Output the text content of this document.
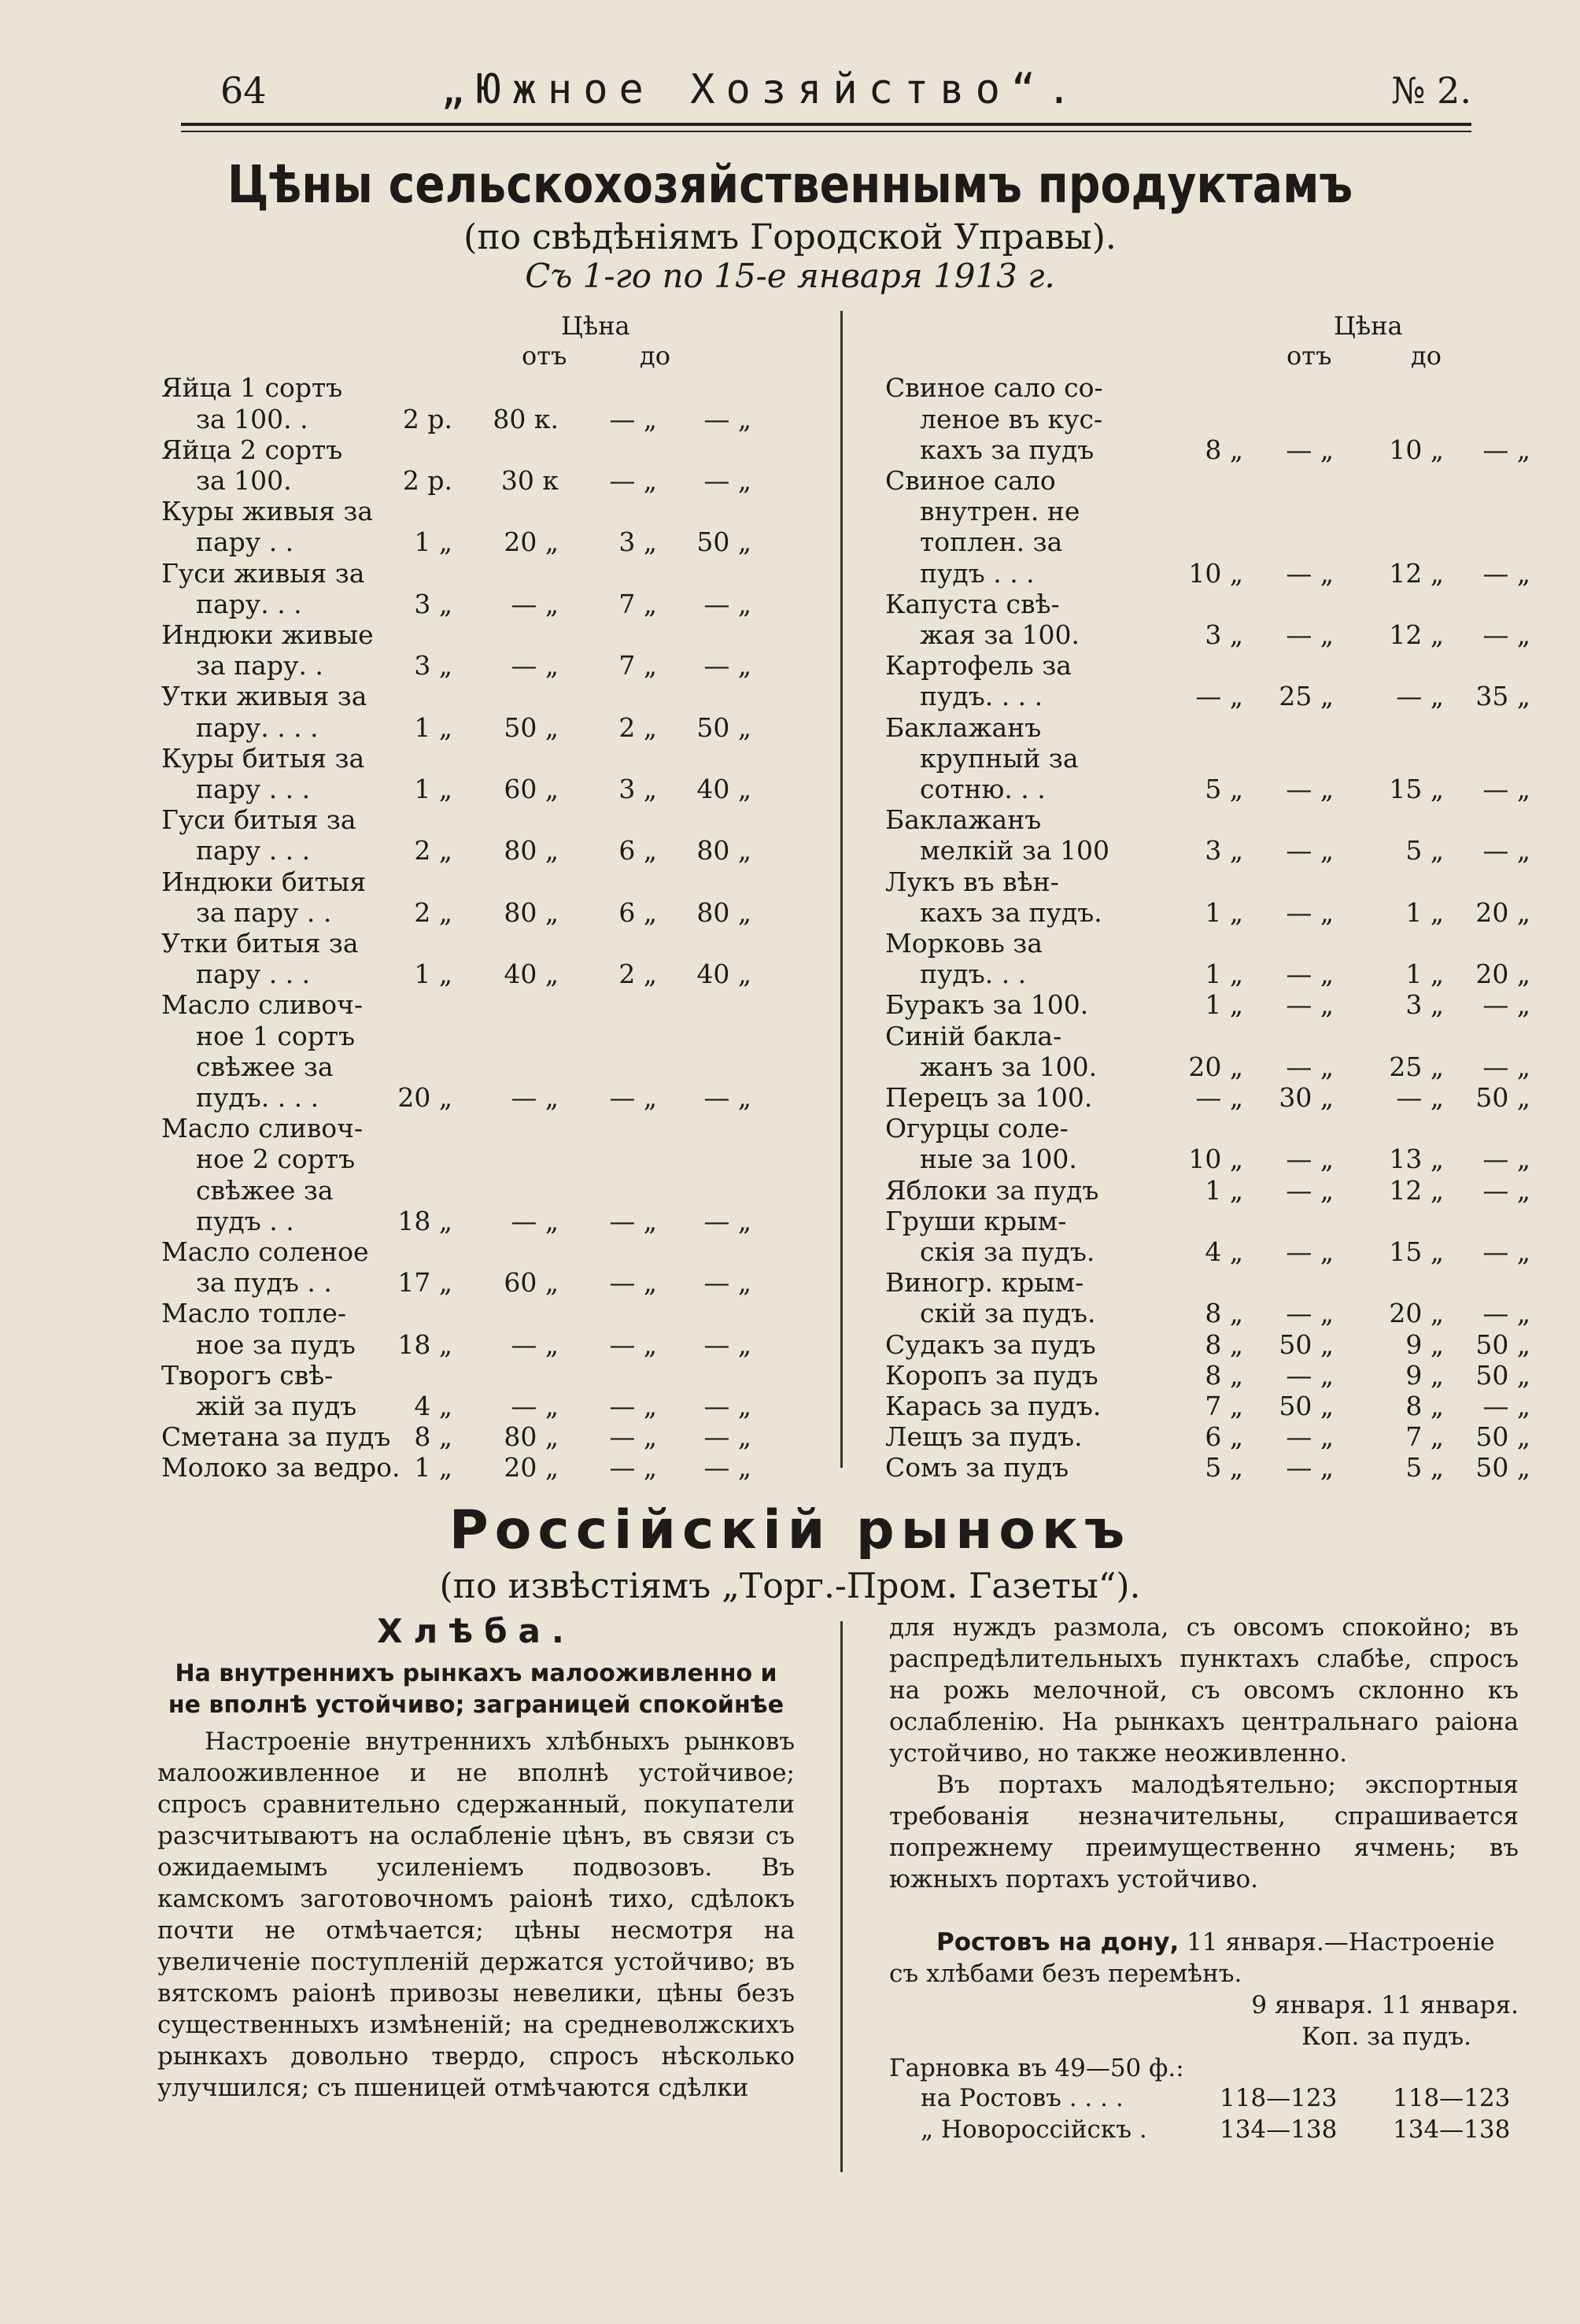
64	„Южное Хозяйство“.	№ 2.
Цѣны сельскохозяйственнымъ продуктамъ
(по свѣдѣніямъ Городской Управы).
Съ 1-го по 15-е января 1913 г.
Цѣна
отъ	до
Яйца 1 сортъ
за 100. .	2 р.	80 к.	— „	— „
Яйца 2 сортъ
за 100.	2 р.	30 к	— „	— „
Куры живыя за
пару . .	1 „	20 „	3 „	50 „
Гуси живыя за
пару. . .	3 „	— „	7 „	— „
Индюки живые
за пару. .	3 „	— „	7 „	— „
Утки живыя за
пару. . . .	1 „	50 „	2 „	50 „
Куры битыя за
пару . . .	1 „	60 „	3 „	40 „
Гуси битыя за
пару . . .	2 „	80 „	6 „	80 „
Индюки битыя
за пару . .	2 „	80 „	6 „	80 „
Утки битыя за
пару . . .	1 „	40 „	2 „	40 „
Масло сливоч-
ное 1 сортъ
свѣжее за
пудъ. . . .	20 „	— „	— „	— „
Масло сливоч-
ное 2 сортъ
свѣжее за
пудъ . .	18 „	— „	— „	— „
Масло соленое
за пудъ . .	17 „	60 „	— „	— „
Масло топле-
ное за пудъ	18 „	— „	— „	— „
Творогъ свѣ-
жій за пудъ	4 „	— „	— „	— „
Сметана за пудъ 8 „	80 „	— „	— „
Молоко за ведро. 1 „	20 „	— „	— „
Цѣна
отъ	до
Свиное сало со-
леное въ кус-
кахъ за пудъ	8 „	— „	10 „	— „
Свиное сало
внутрен. не
топлен. за
пудъ . . .	10 „	— „	12 „	— „
Капуста свѣ-
жая за 100.	3 „	— „	12 „	— „
Картофель за
пудъ. . . .	— „	25 „	— „	35 „
Баклажанъ
крупный за
сотню. . .	5 „	— „	15 „	— „
Баклажанъ
мелкій за 100	3 „	— „	5 „	— „
Лукъ въ вѣн-
кахъ за пудъ.	1 „	— „	1 „	20 „
Морковь за
пудъ. . .	1 „	— „	1 „	20 „
Буракъ за 100.	1 „	— „	3 „	— „
Синій бакла-
жанъ за 100.	20 „	— „	25 „	— „
Перецъ за 100.	— „	30 „	— „	50 „
Огурцы соле-
ные за 100.	10 „	— „	13 „	— „
Яблоки за пудъ	1 „	— „	12 „	— „
Груши крым-
скія за пудъ.	4 „	— „	15 „	— „
Виногр. крым-
скій за пудъ.	8 „	— „	20 „	— „
Судакъ за пудъ	8 „	50 „	9 „	50 „
Коропъ за пудъ	8 „	— „	9 „	50 „
Карась за пудъ.	7 „	50 „	8 „	— „
Лещъ за пудъ.	6 „	— „	7 „	50 „
Сомъ за пудъ	5 „	— „	5 „	50 „
Россійскій рынокъ
(по извѣстіямъ „Торг.-Пром. Газеты“).
Хлѣба.
На внутреннихъ рынкахъ малооживленно и не вполнѣ устойчиво; заграницей спокойнѣе

Настроеніе внутреннихъ хлѣбныхъ рынковъ малооживленное и не вполнѣ устойчивое; спросъ сравнительно сдержанный, покупатели разсчитываютъ на ослабленіе цѣнъ, въ связи съ ожидаемымъ усиленіемъ подвозовъ. Въ камскомъ заготовочномъ раіонѣ тихо, сдѣлокъ почти не отмѣчается; цѣны несмотря на увеличеніе поступленій держатся устойчиво; въ вятскомъ раіонѣ привозы невелики, цѣны безъ существенныхъ измѣненій; на средневолжскихъ рынкахъ довольно твердо, спросъ нѣсколько улучшился; съ пшеницей отмѣчаются сдѣлки

для нуждъ размола, съ овсомъ спокойно; въ распредѣлительныхъ пунктахъ слабѣе, спросъ на рожь мелочной, съ овсомъ склонно къ ослабленію. На рынкахъ центральнаго раіона устойчиво, но также неоживленно.

Въ портахъ малодѣятельно; экспортныя требованія незначительны, спрашивается попрежнему преимущественно ячмень; въ южныхъ портахъ устойчиво.

Ростовъ на дону, 11 января.—Настроеніе съ хлѣбами безъ перемѣнъ.
9 января. 11 января.
Коп. за пудъ.
Гарновка въ 49—50 ф.:
на Ростовъ . . . .	118—123 118—123
„ Новороссійскъ .	134—138 134—138
